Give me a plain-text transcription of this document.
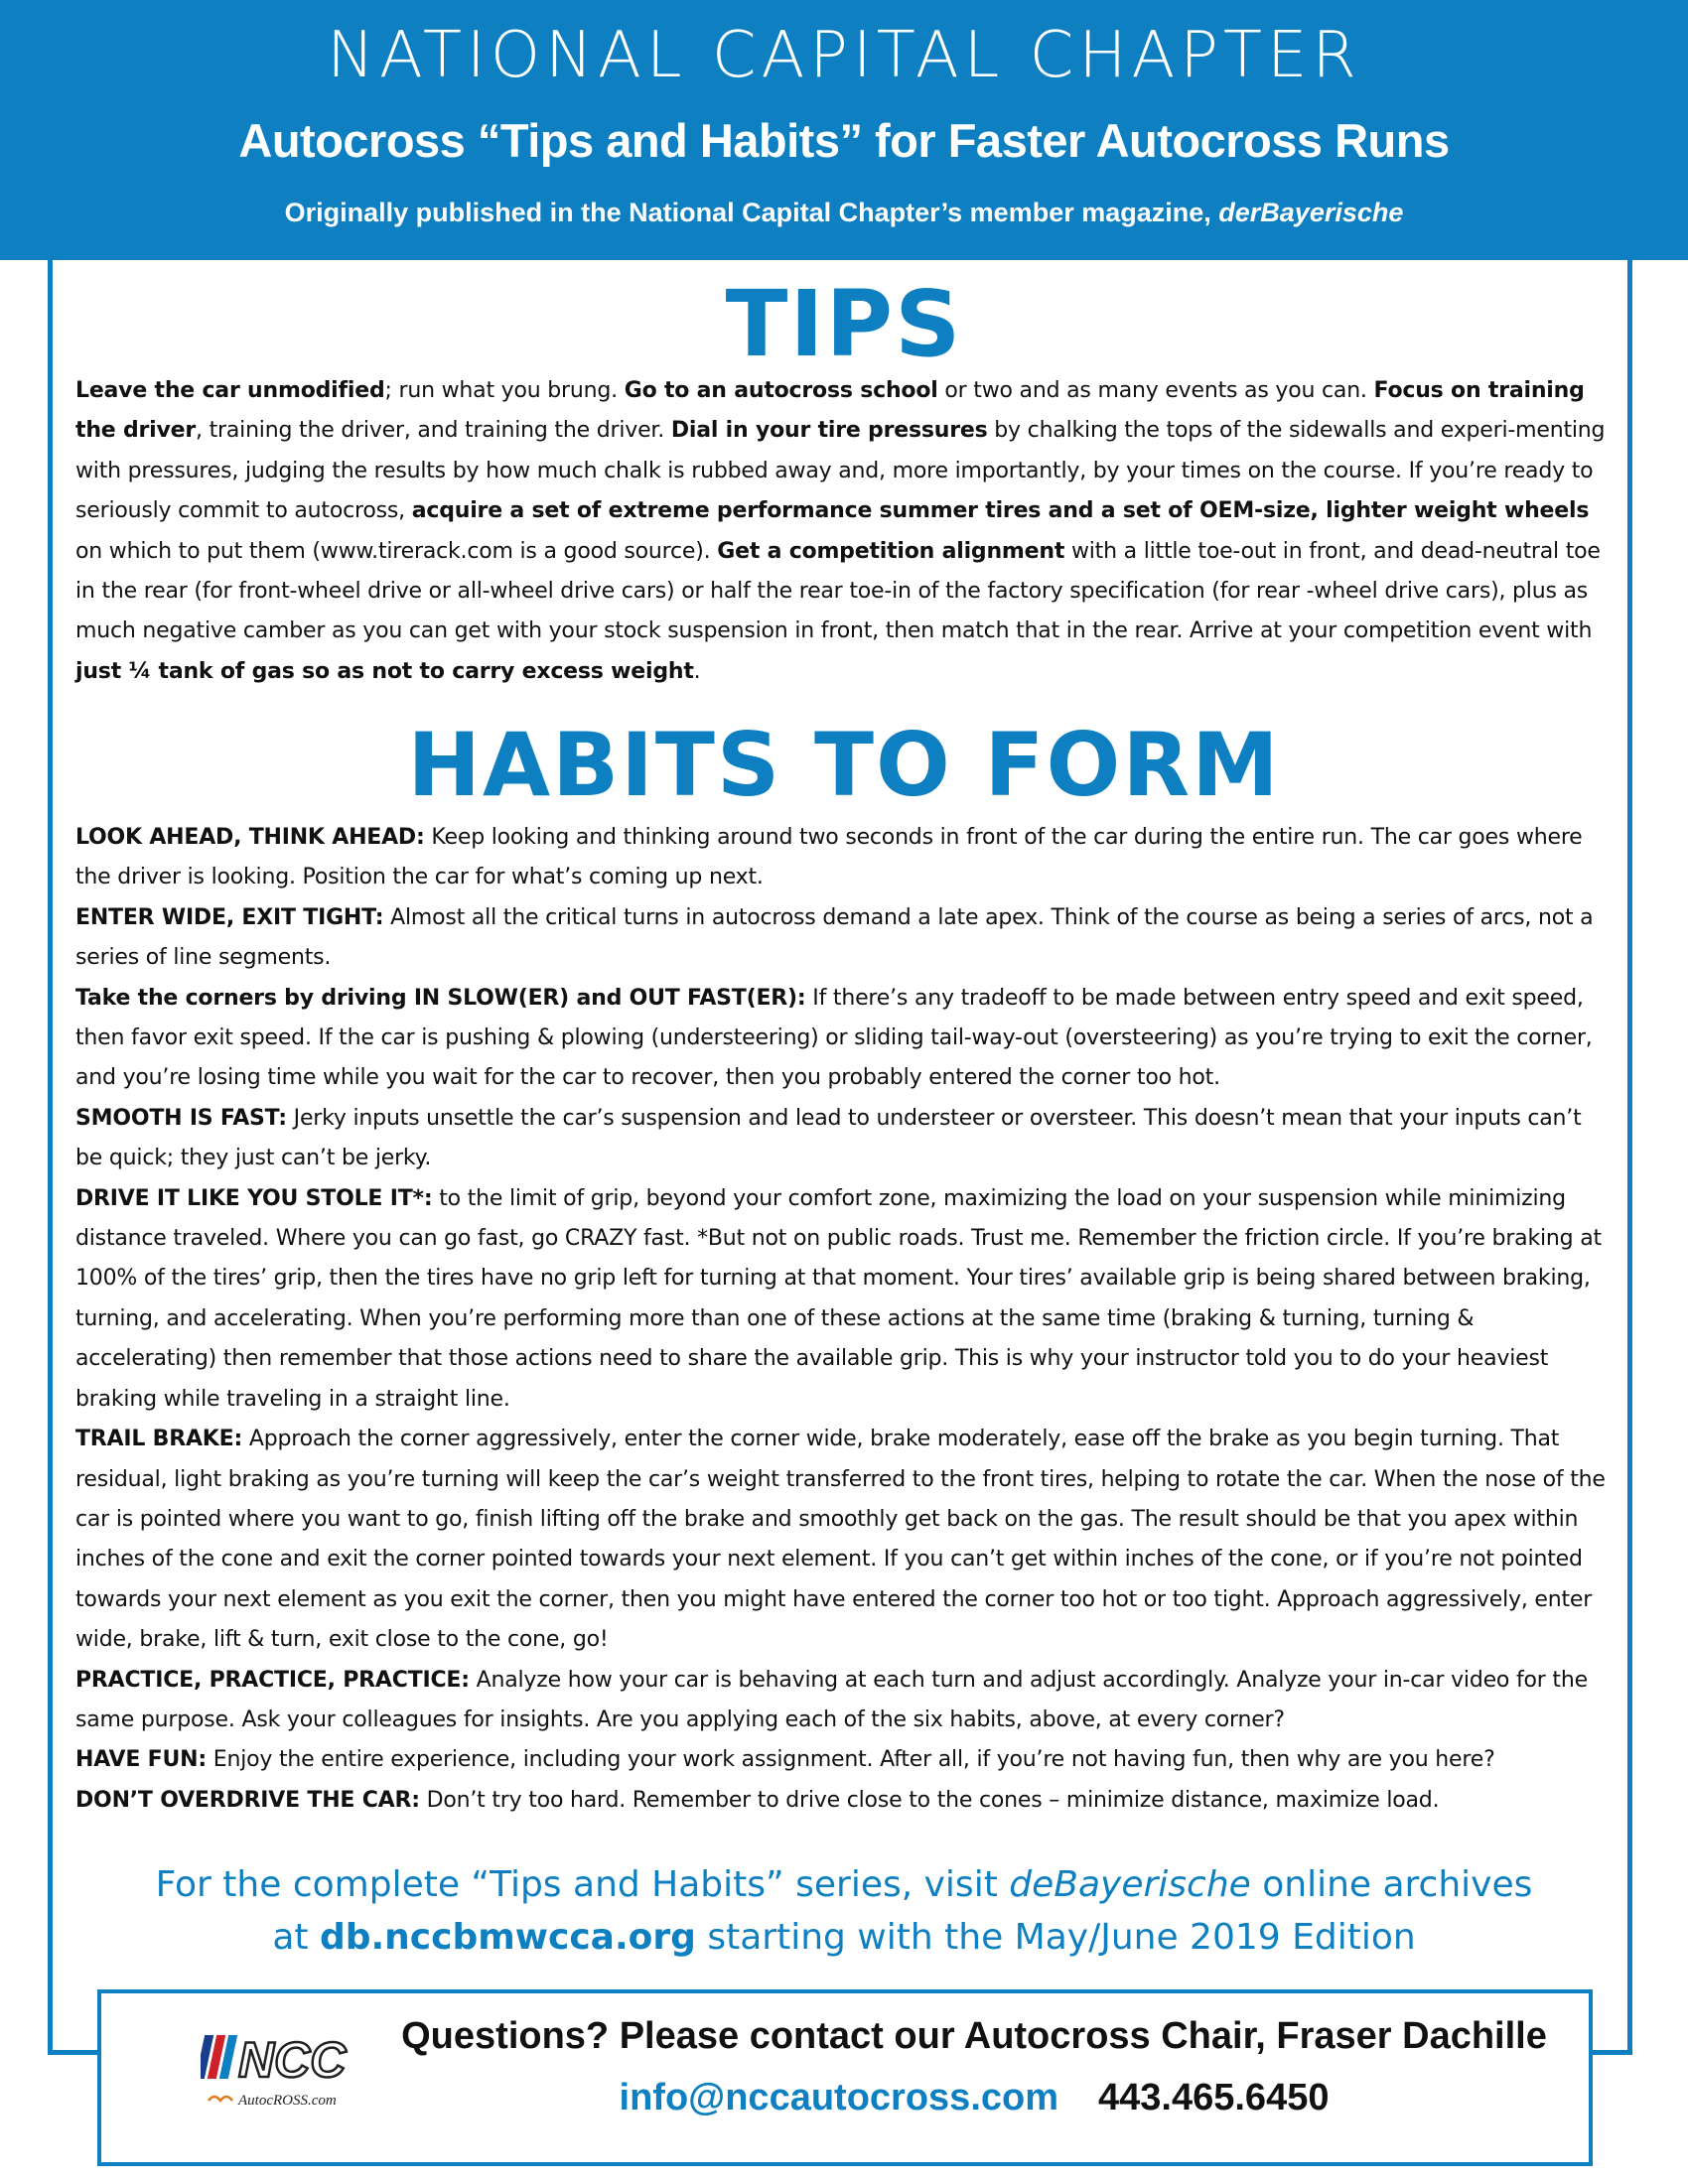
NATIONAL CAPITAL CHAPTER
Autocross “Tips and Habits” for Faster Autocross Runs
Originally published in the National Capital Chapter’s member magazine, derBayerische
TIPS
Leave the car unmodified; run what you brung. Go to an autocross school or two and as many events as you can. Focus on training the driver, training the driver, and training the driver. Dial in your tire pressures by chalking the tops of the sidewalls and experi-menting with pressures, judging the results by how much chalk is rubbed away and, more importantly, by your times on the course. If you’re ready to seriously commit to autocross, acquire a set of extreme performance summer tires and a set of OEM-size, lighter weight wheels on which to put them (www.tirerack.com is a good source). Get a competition alignment with a little toe-out in front, and dead-neutral toe in the rear (for front-wheel drive or all-wheel drive cars) or half the rear toe-in of the factory specification (for rear -wheel drive cars), plus as much negative camber as you can get with your stock suspension in front, then match that in the rear. Arrive at your competition event with just ¼ tank of gas so as not to carry excess weight.
HABITS TO FORM

LOOK AHEAD, THINK AHEAD: Keep looking and thinking around two seconds in front of the car during the entire run. The car goes where the driver is looking. Position the car for what’s coming up next.

ENTER WIDE, EXIT TIGHT: Almost all the critical turns in autocross demand a late apex. Think of the course as being a series of arcs, not a series of line segments.

Take the corners by driving IN SLOW(ER) and OUT FAST(ER): If there’s any tradeoff to be made between entry speed and exit speed, then favor exit speed. If the car is pushing & plowing (understeering) or sliding tail-way-out (oversteering) as you’re trying to exit the corner, and you’re losing time while you wait for the car to recover, then you probably entered the corner too hot.

SMOOTH IS FAST: Jerky inputs unsettle the car’s suspension and lead to understeer or oversteer. This doesn’t mean that your inputs can’t be quick; they just can’t be jerky.

DRIVE IT LIKE YOU STOLE IT*: to the limit of grip, beyond your comfort zone, maximizing the load on your suspension while minimizing distance traveled. Where you can go fast, go CRAZY fast. *But not on public roads. Trust me. Remember the friction circle. If you’re braking at 100% of the tires’ grip, then the tires have no grip left for turning at that moment. Your tires’ available grip is being shared between braking, turning, and accelerating. When you’re performing more than one of these actions at the same time (braking & turning, turning & accelerating) then remember that those actions need to share the available grip. This is why your instructor told you to do your heaviest braking while traveling in a straight line.

TRAIL BRAKE: Approach the corner aggressively, enter the corner wide, brake moderately, ease off the brake as you begin turning. That residual, light braking as you’re turning will keep the car’s weight transferred to the front tires, helping to rotate the car. When the nose of the car is pointed where you want to go, finish lifting off the brake and smoothly get back on the gas. The result should be that you apex within inches of the cone and exit the corner pointed towards your next element. If you can’t get within inches of the cone, or if you’re not pointed towards your next element as you exit the corner, then you might have entered the corner too hot or too tight. Approach aggressively, enter wide, brake, lift & turn, exit close to the cone, go!

PRACTICE, PRACTICE, PRACTICE: Analyze how your car is behaving at each turn and adjust accordingly. Analyze your in-car video for the same purpose. Ask your colleagues for insights. Are you applying each of the six habits, above, at every corner?

HAVE FUN: Enjoy the entire experience, including your work assignment. After all, if you’re not having fun, then why are you here?

DON’T OVERDRIVE THE CAR: Don’t try too hard. Remember to drive close to the cones – minimize distance, maximize load.

For the complete “Tips and Habits” series, visit deBayerische online archives
at db.nccbmwcca.org starting with the May/June 2019 Edition
NCC
AutocROSS.com
Questions? Please contact our Autocross Chair, Fraser Dachille
info@nccautocross.com 443.465.6450
